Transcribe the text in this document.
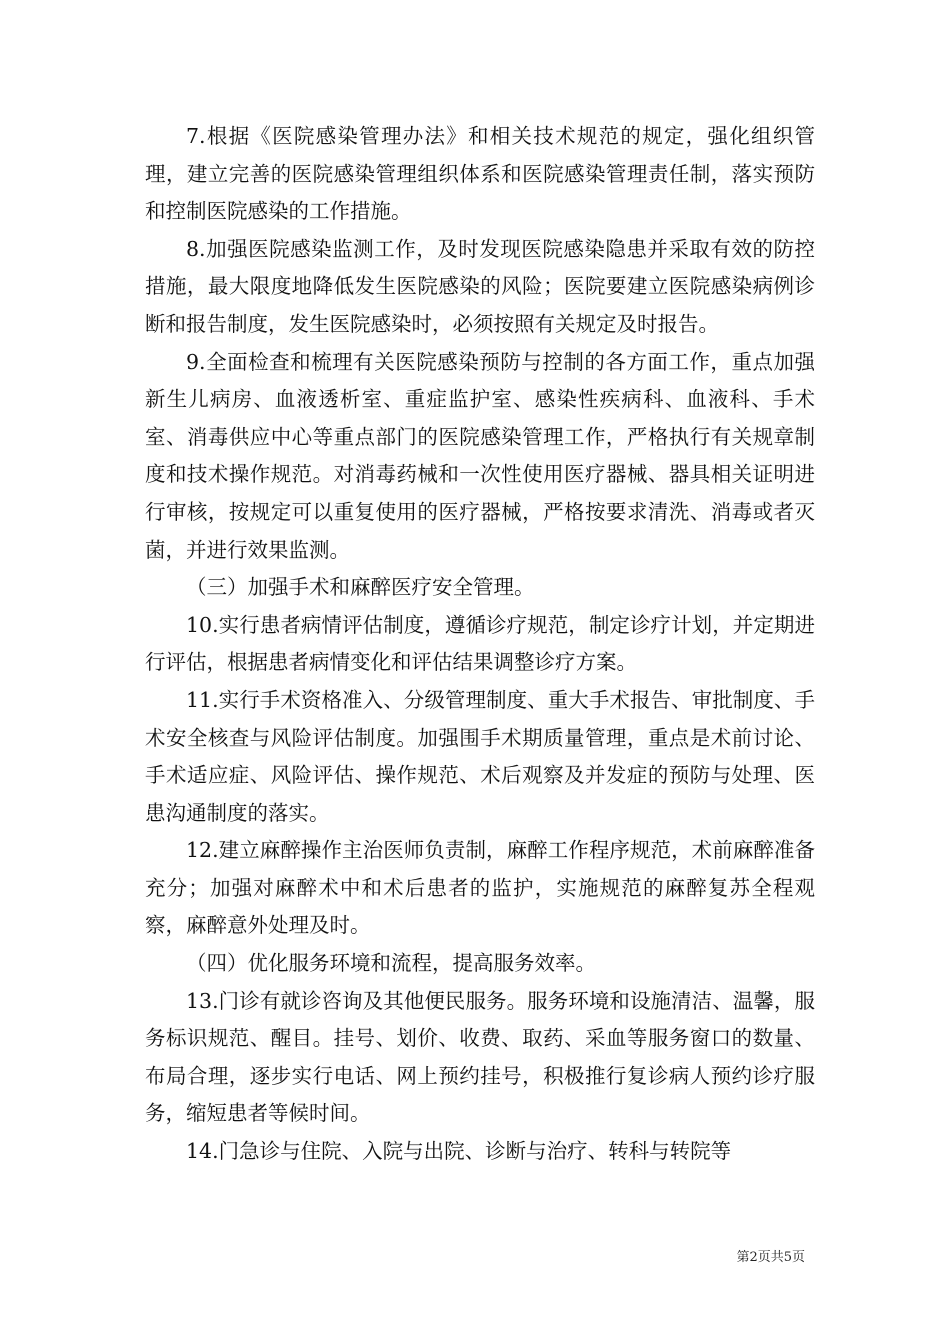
7.根据《医院感染管理办法》和相关技术规范的规定，强化组织管理，建立完善的医院感染管理组织体系和医院感染管理责任制，落实预防和控制医院感染的工作措施。

8.加强医院感染监测工作，及时发现医院感染隐患并采取有效的防控措施，最大限度地降低发生医院感染的风险；医院要建立医院感染病例诊断和报告制度，发生医院感染时，必须按照有关规定及时报告。

9.全面检查和梳理有关医院感染预防与控制的各方面工作，重点加强新生儿病房、血液透析室、重症监护室、感染性疾病科、血液科、手术室、消毒供应中心等重点部门的医院感染管理工作，严格执行有关规章制度和技术操作规范。对消毒药械和一次性使用医疗器械、器具相关证明进行审核，按规定可以重复使用的医疗器械，严格按要求清洗、消毒或者灭菌，并进行效果监测。

（三）加强手术和麻醉医疗安全管理。

10.实行患者病情评估制度，遵循诊疗规范，制定诊疗计划，并定期进行评估，根据患者病情变化和评估结果调整诊疗方案。

11.实行手术资格准入、分级管理制度、重大手术报告、审批制度、手术安全核查与风险评估制度。加强围手术期质量管理，重点是术前讨论、手术适应症、风险评估、操作规范、术后观察及并发症的预防与处理、医患沟通制度的落实。

12.建立麻醉操作主治医师负责制，麻醉工作程序规范，术前麻醉准备充分；加强对麻醉术中和术后患者的监护，实施规范的麻醉复苏全程观察，麻醉意外处理及时。

（四）优化服务环境和流程，提高服务效率。

13.门诊有就诊咨询及其他便民服务。服务环境和设施清洁、温馨，服务标识规范、醒目。挂号、划价、收费、取药、采血等服务窗口的数量、布局合理，逐步实行电话、网上预约挂号，积极推行复诊病人预约诊疗服务，缩短患者等候时间。

14.门急诊与住院、入院与出院、诊断与治疗、转科与转院等

第2页共5页
